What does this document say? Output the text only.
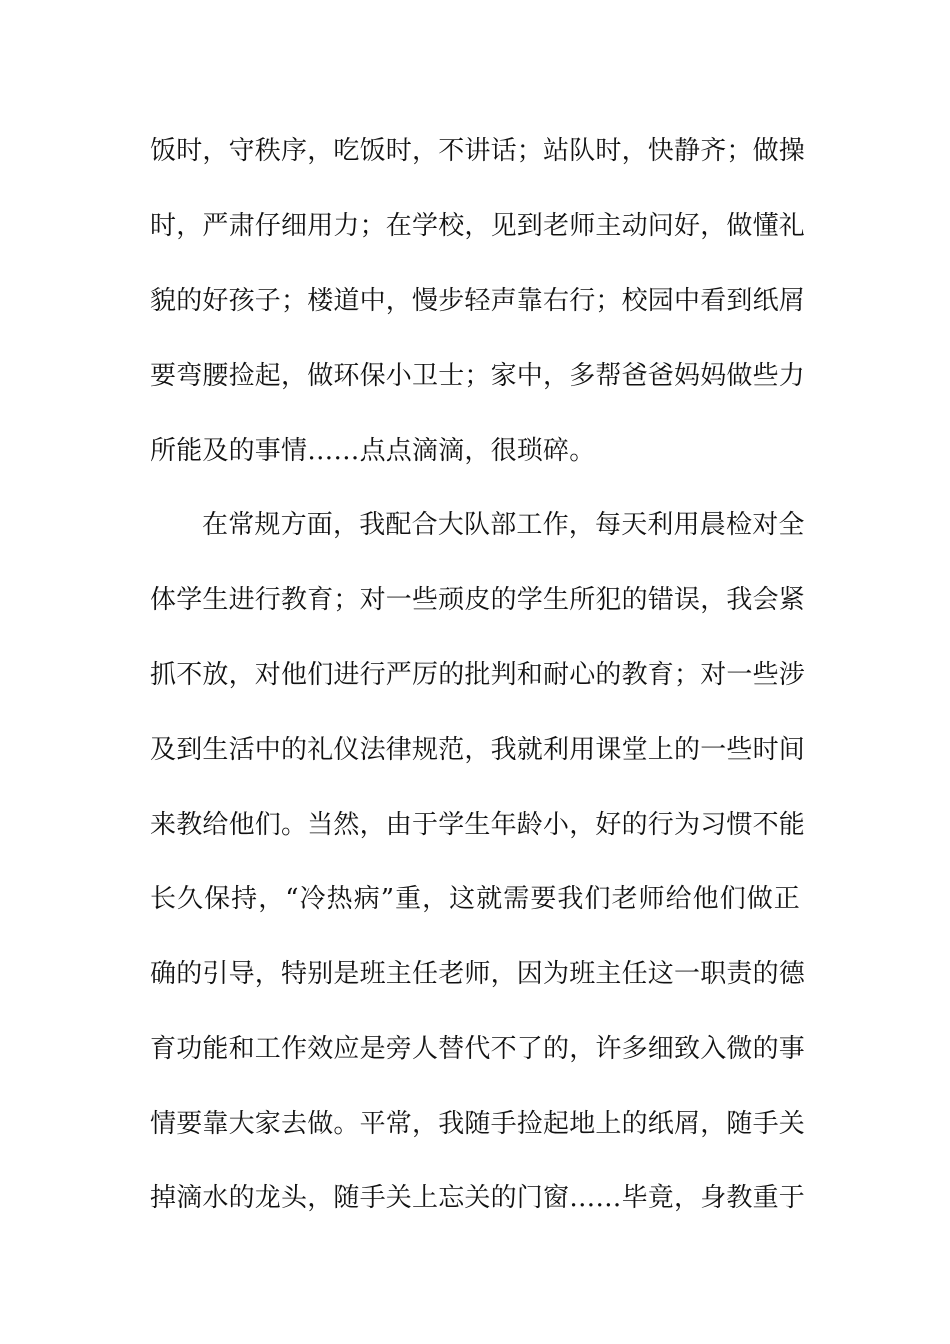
饭时，守秩序，吃饭时，不讲话；站队时，快静齐；做操
时，严肃仔细用力；在学校，见到老师主动问好，做懂礼
貌的好孩子；楼道中，慢步轻声靠右行；校园中看到纸屑
要弯腰捡起，做环保小卫士；家中，多帮爸爸妈妈做些力
所能及的事情……点点滴滴，很琐碎。
在常规方面，我配合大队部工作，每天利用晨检对全
体学生进行教育；对一些顽皮的学生所犯的错误，我会紧
抓不放，对他们进行严厉的批判和耐心的教育；对一些涉
及到生活中的礼仪法律规范，我就利用课堂上的一些时间
来教给他们。当然，由于学生年龄小，好的行为习惯不能
长久保持，“冷热病”重，这就需要我们老师给他们做正
确的引导，特别是班主任老师，因为班主任这一职责的德
育功能和工作效应是旁人替代不了的，许多细致入微的事
情要靠大家去做。平常，我随手捡起地上的纸屑，随手关
掉滴水的龙头，随手关上忘关的门窗……毕竟，身教重于
